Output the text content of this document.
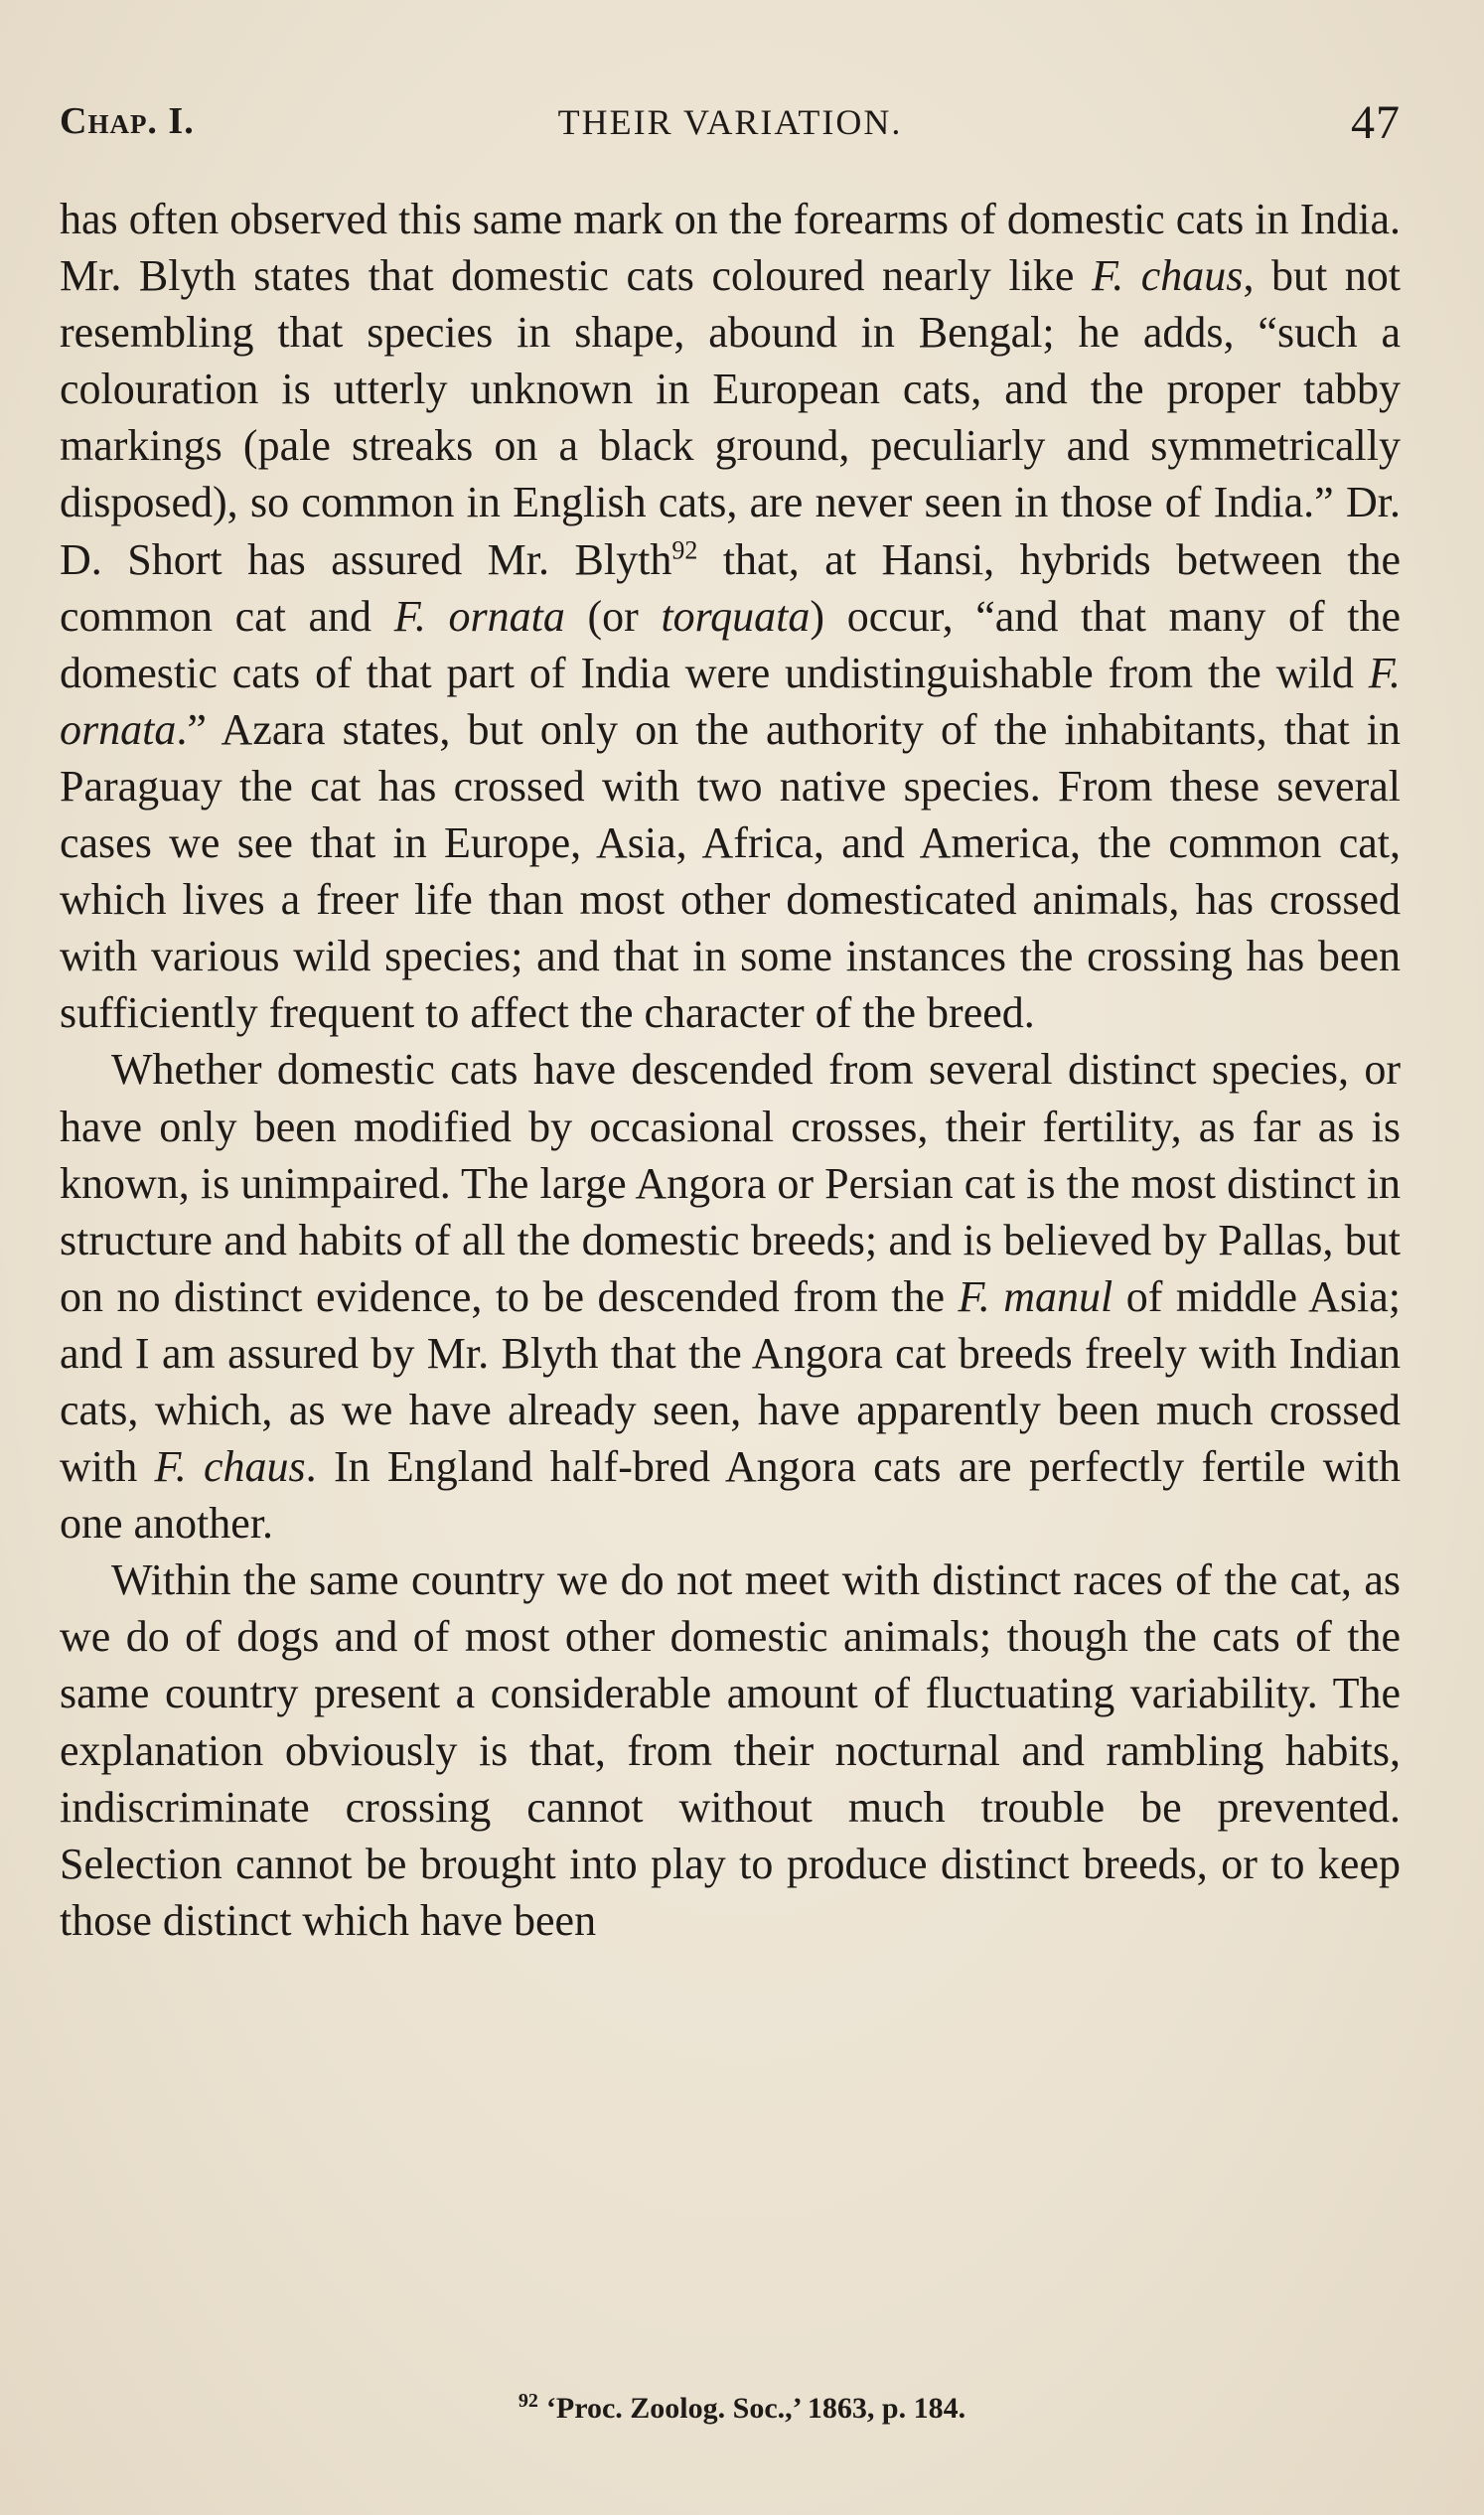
Chap. I.	THEIR VARIATION.	47

has often observed this same mark on the forearms of domestic cats in India. Mr. Blyth states that domestic cats coloured nearly like F. chaus, but not resembling that species in shape, abound in Bengal; he adds, “such a colouration is utterly unknown in European cats, and the proper tabby markings (pale streaks on a black ground, peculiarly and symmetrically disposed), so common in English cats, are never seen in those of India.” Dr. D. Short has assured Mr. Blyth$^{92}$ that, at Hansi, hybrids between the common cat and F. ornata (or torquata) occur, “and that many of the domestic cats of that part of India were undistinguishable from the wild F. ornata.” Azara states, but only on the authority of the inhabitants, that in Paraguay the cat has crossed with two native species. From these several cases we see that in Europe, Asia, Africa, and America, the common cat, which lives a freer life than most other domesticated animals, has crossed with various wild species; and that in some instances the crossing has been sufficiently frequent to affect the character of the breed.

Whether domestic cats have descended from several distinct species, or have only been modified by occasional crosses, their fertility, as far as is known, is unimpaired. The large Angora or Persian cat is the most distinct in structure and habits of all the domestic breeds; and is believed by Pallas, but on no distinct evidence, to be descended from the F. manul of middle Asia; and I am assured by Mr. Blyth that the Angora cat breeds freely with Indian cats, which, as we have already seen, have apparently been much crossed with F. chaus. In England half-bred Angora cats are perfectly fertile with one another.

Within the same country we do not meet with distinct races of the cat, as we do of dogs and of most other domestic animals; though the cats of the same country present a considerable amount of fluctuating variability. The explanation obviously is that, from their nocturnal and rambling habits, indiscriminate crossing cannot without much trouble be prevented. Selection cannot be brought into play to produce distinct breeds, or to keep those distinct which have been

$^{92}$ ‘Proc. Zoolog. Soc.,’ 1863, p. 184.
